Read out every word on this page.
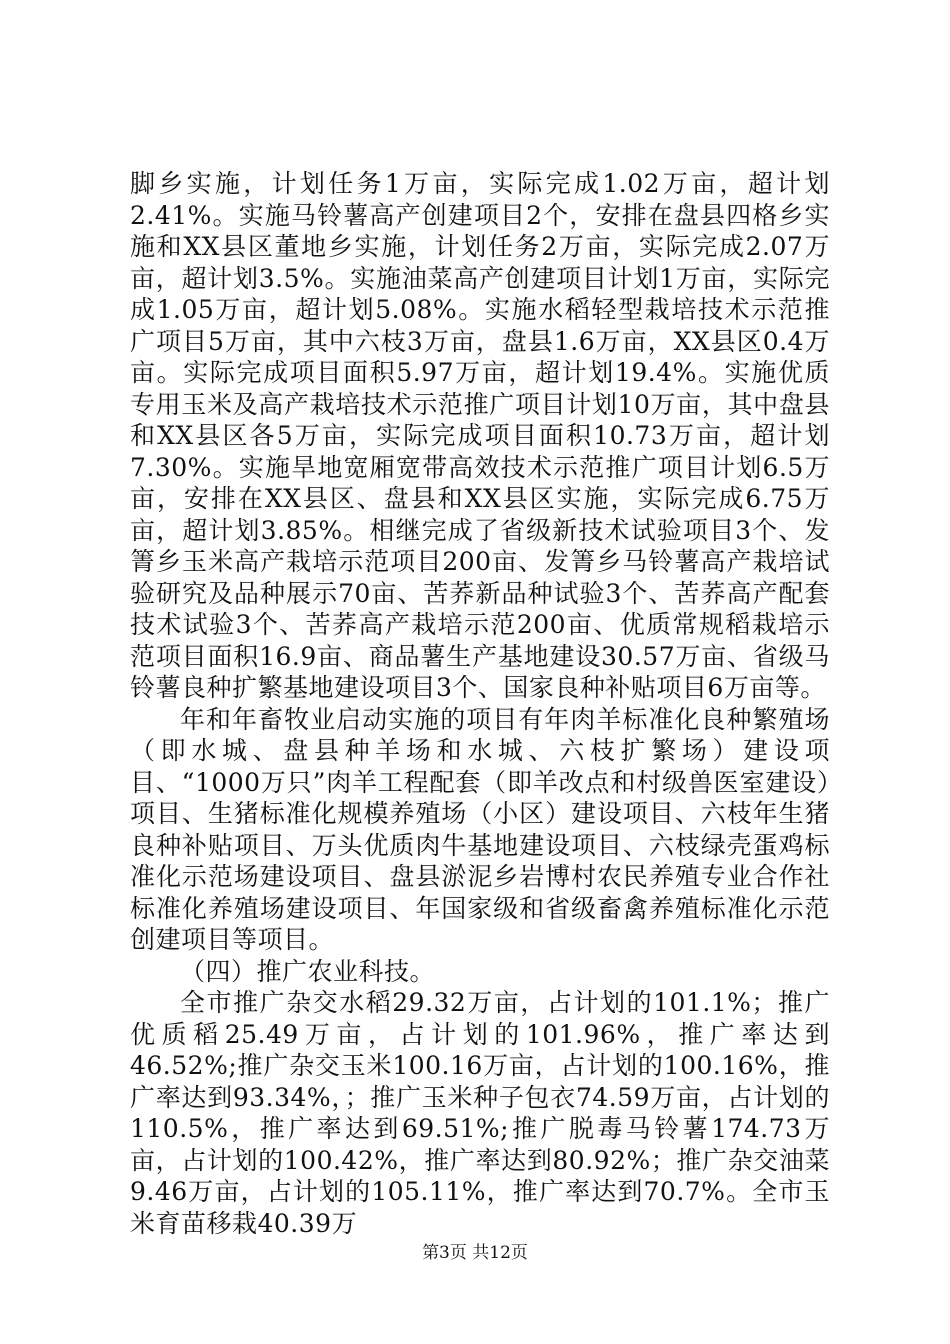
脚乡实施，计划任务1万亩，实际完成1.02万亩，超计划2.41%。实施马铃薯高产创建项目2个，安排在盘县四格乡实施和XX县区董地乡实施，计划任务2万亩，实际完成2.07万亩，超计划3.5%。实施油菜高产创建项目计划1万亩，实际完成1.05万亩，超计划5.08%。实施水稻轻型栽培技术示范推广项目5万亩，其中六枝3万亩，盘县1.6万亩，XX县区0.4万亩。实际完成项目面积5.97万亩，超计划19.4%。实施优质专用玉米及高产栽培技术示范推广项目计划10万亩，其中盘县和XX县区各5万亩，实际完成项目面积10.73万亩，超计划7.30%。实施旱地宽厢宽带高效技术示范推广项目计划6.5万亩，安排在XX县区、盘县和XX县区实施，实际完成6.75万亩，超计划3.85%。相继完成了省级新技术试验项目3个、发箐乡玉米高产栽培示范项目200亩、发箐乡马铃薯高产栽培试验研究及品种展示70亩、苦荞新品种试验3个、苦荞高产配套技术试验3个、苦荞高产栽培示范200亩、优质常规稻栽培示范项目面积16.9亩、商品薯生产基地建设30.57万亩、省级马铃薯良种扩繁基地建设项目3个、国家良种补贴项目6万亩等。

年和年畜牧业启动实施的项目有年肉羊标准化良种繁殖场（即水城、盘县种羊场和水城、六枝扩繁场）建设项目、“1000万只”肉羊工程配套（即羊改点和村级兽医室建设）项目、生猪标准化规模养殖场（小区）建设项目、六枝年生猪良种补贴项目、万头优质肉牛基地建设项目、六枝绿壳蛋鸡标准化示范场建设项目、盘县淤泥乡岩博村农民养殖专业合作社标准化养殖场建设项目、年国家级和省级畜禽养殖标准化示范创建项目等项目。

（四）推广农业科技。

全市推广杂交水稻29.32万亩，占计划的101.1%；推广优质稻25.49万亩，占计划的101.96%，推广率达到46.52%;推广杂交玉米100.16万亩，占计划的100.16%，推广率达到93.34%，；推广玉米种子包衣74.59万亩，占计划的110.5%，推广率达到69.51%;推广脱毒马铃薯174.73万亩，占计划的100.42%，推广率达到80.92%；推广杂交油菜9.46万亩，占计划的105.11%，推广率达到70.7%。全市玉米育苗移栽40.39万

第3页 共12页
